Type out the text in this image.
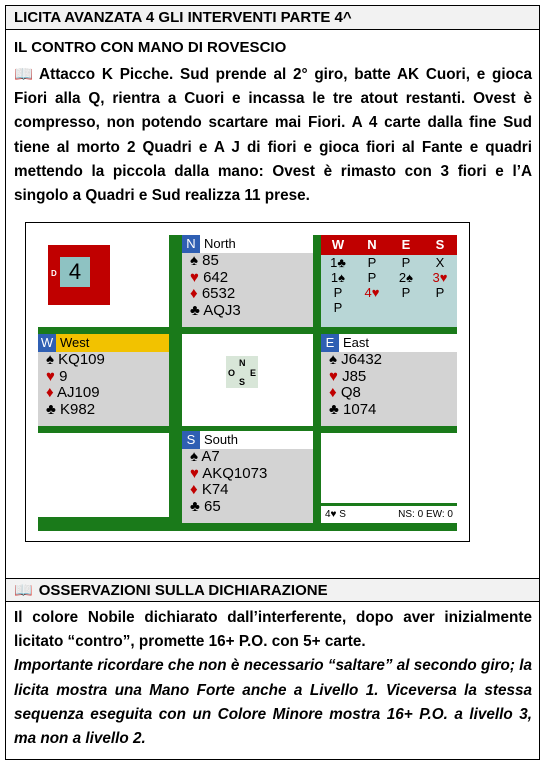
LICITA AVANZATA 4 GLI INTERVENTI PARTE 4^
IL CONTRO CON MANO DI ROVESCIO
📖 Attacco K Picche. Sud prende al 2° giro, batte AK Cuori, e gioca Fiori alla Q, rientra a Cuori e incassa le tre atout restanti. Ovest è compresso, non potendo scartare mai Fiori. A 4 carte dalla fine Sud tiene al morto 2 Quadri e A J di fiori e gioca fiori al Fante e quadri mettendo la piccola dalla mano: Ovest è rimasto con 3 fiori e l’A singolo a Quadri e Sud realizza 11 prese.
📖 OSSERVAZIONI SULLA DICHIARAZIONE
Il colore Nobile dichiarato dall’interferente, dopo aver inizialmente licitato “contro”, promette 16+ P.O. con 5+ carte.
Importante ricordare che non è necessario “saltare” al secondo giro; la licita mostra una Mano Forte anche a Livello 1. Viceversa la stessa sequenza eseguita con un Colore Minore mostra 16+ P.O. a livello 3, ma non a livello 2.
D 4
N North
♠ 85
♥ 642
♦ 6532
♣ AQJ3
W	N	E	S
1♣	P	P	X
1♠	P	2♠	3♥
P	4♥	P	P
P
W West
♠ KQ109
♥ 9
♦ AJ109
♣ K982
E East
♠ J6432
♥ J85
♦ Q8
♣ 1074
S South
♠ A7
♥ AKQ1073
♦ K74
♣ 65	4♥ S	NS: 0 EW: 0
N
O E
S
